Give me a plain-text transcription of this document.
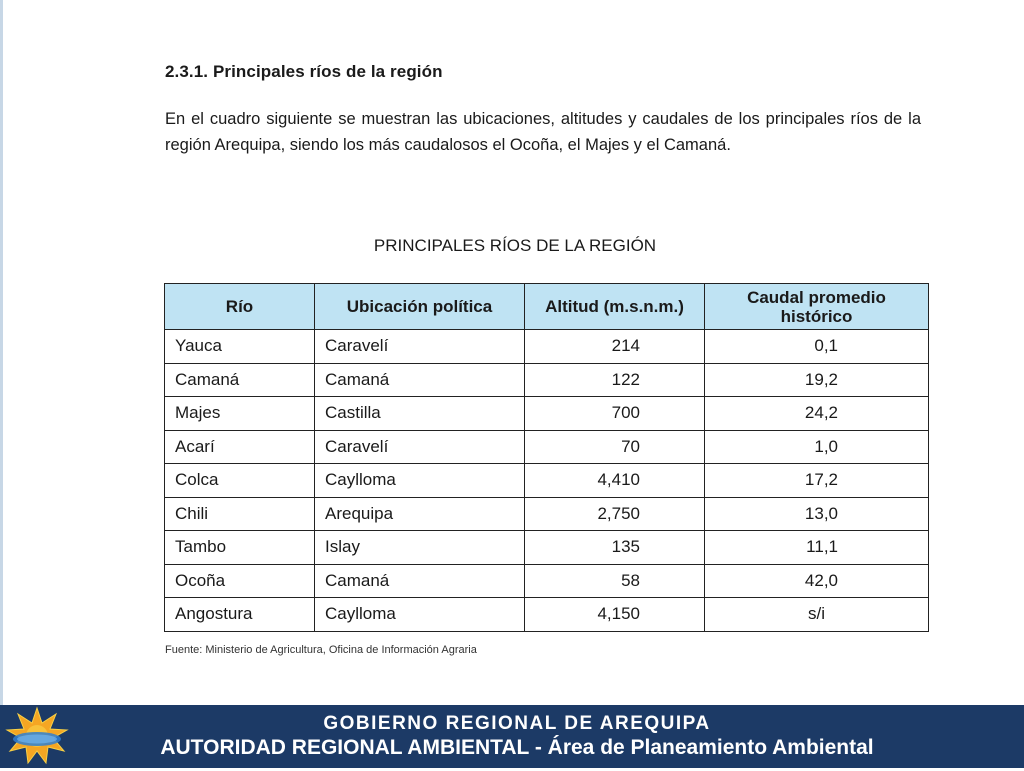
2.3.1. Principales ríos de la región
En el cuadro siguiente se muestran las ubicaciones, altitudes y caudales de los principales ríos de la región Arequipa, siendo los más caudalosos el Ocoña, el Majes y el Camaná.
PRINCIPALES RÍOS DE LA REGIÓN
Río	Ubicación política	Altitud (m.s.n.m.)	Caudal promedio histórico
Yauca	Caravelí	214	0,1
Camaná	Camaná	122	19,2
Majes	Castilla	700	24,2
Acarí	Caravelí	70	1,0
Colca	Caylloma	4,410	17,2
Chili	Arequipa	2,750	13,0
Tambo	Islay	135	11,1
Ocoña	Camaná	58	42,0
Angostura	Caylloma	4,150	s/i
Fuente: Ministerio de Agricultura, Oficina de Información Agraria
GOBIERNO REGIONAL DE AREQUIPA
AUTORIDAD REGIONAL AMBIENTAL - Área de Planeamiento Ambiental
